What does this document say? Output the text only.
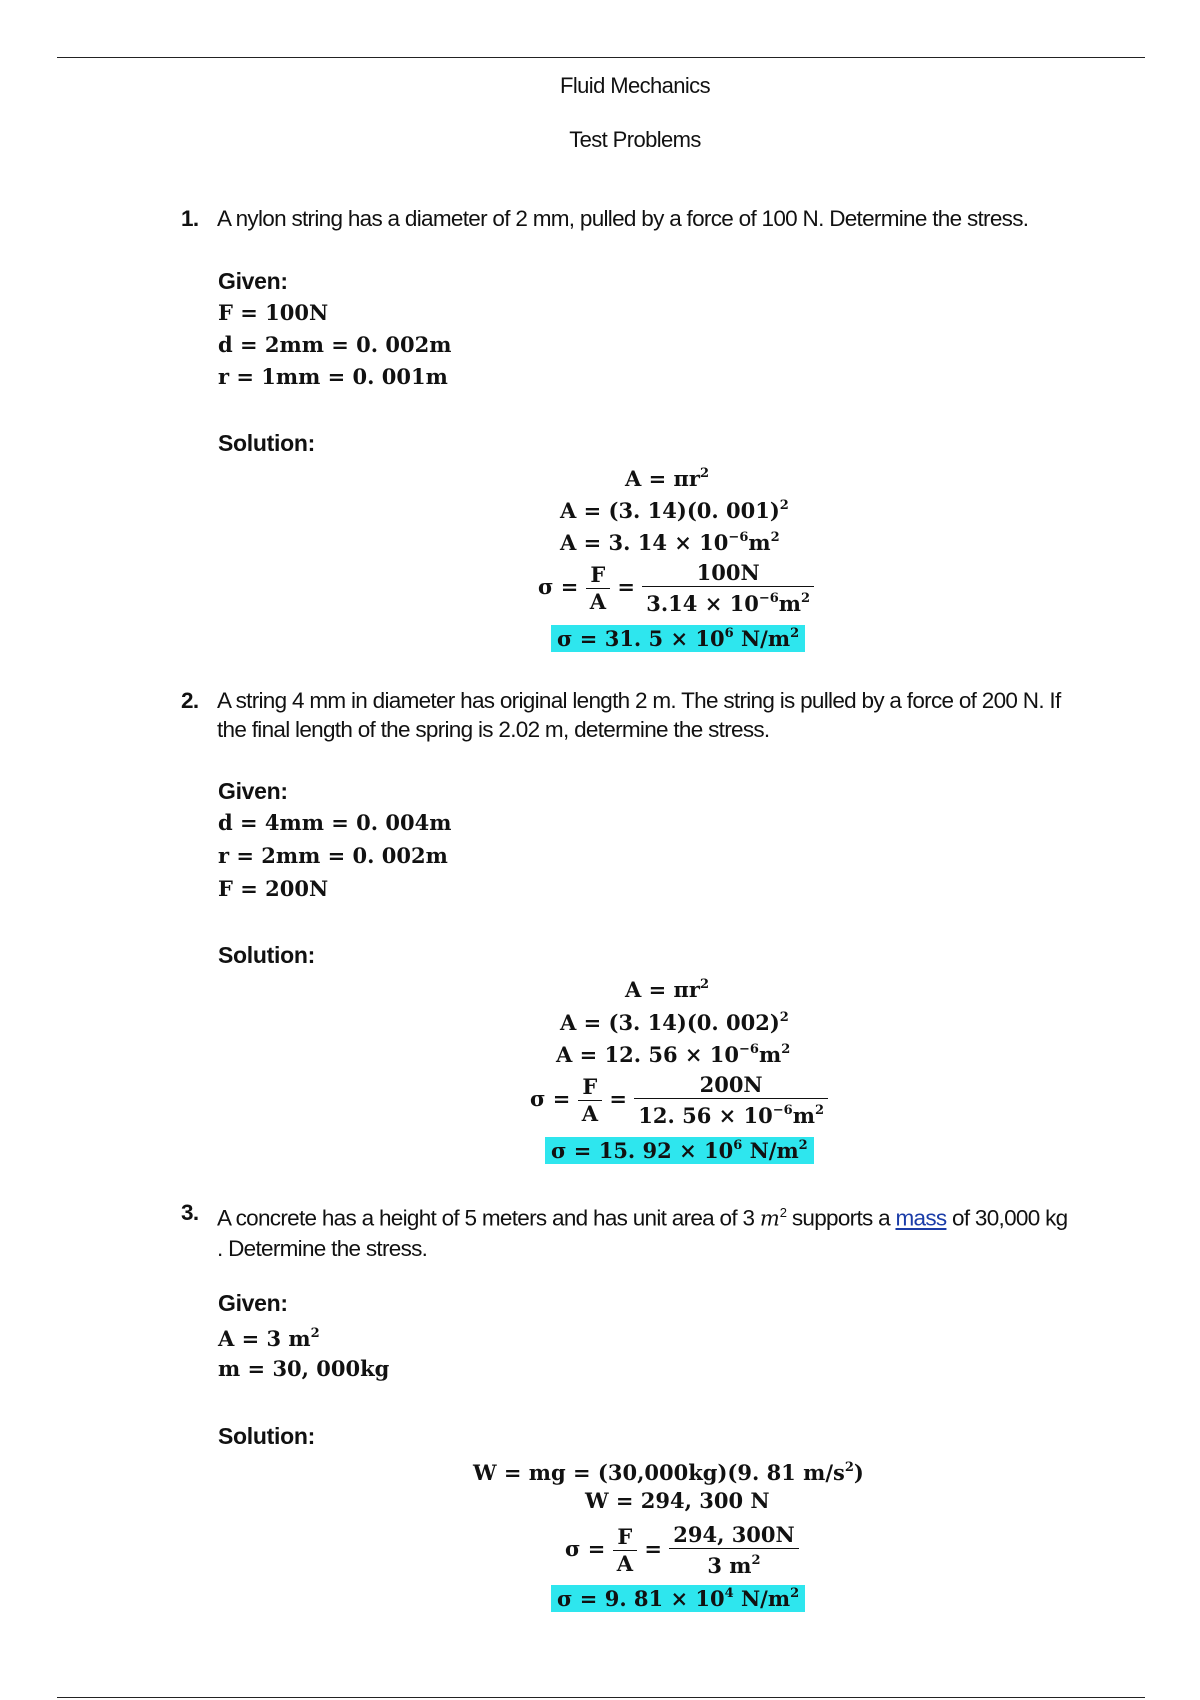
Fluid Mechanics
Test Problems
1. A nylon string has a diameter of 2 mm, pulled by a force of 100 N. Determine the stress.
Given:
F = 100N
d = 2mm = 0. 002m
r = 1mm = 0. 001m
Solution:
$A = \pi r^2$
A = (3. 14)(0. 001)$^2$
A = 3. $14 \times 10^{-6}m^2$
$\sigma = \frac{F}{A} = \frac{100N}{3.14 \times 10^{-6}m^2}$
σ = 31. $5 \times 10^6$ $N/m^2$
2. A string 4 mm in diameter has original length 2 m. The string is pulled by a force of 200 N. If
the final length of the spring is 2.02 m, determine the stress.
Given:
d = 4mm = 0. 004m
r = 2mm = 0. 002m
F = 200N
Solution:
$A = \pi r^2$
A = (3. 14)(0. 002)$^2$
A = 12. $56 \times 10^{-6}m^2$
$\sigma = \frac{F}{A} = \frac{200N}{12. 56 \times 10^{-6}m^2}$
σ = 15. $92 \times 10^6$ $N/m^2$
3. A concrete has a height of 5 meters and has unit area of 3 $m^2$ supports a mass of 30,000 kg
. Determine the stress.
Given:
A = 3 $m^2$
m = 30, 000kg
Solution:
W = mg = (30,000kg)(9. 81 $m/s^2$)
W = 294, 300 N
$\sigma = \frac{F}{A} = \frac{294, 300N}{3 m^2}$
σ = 9. $81 \times 10^4$ $N/m^2$
